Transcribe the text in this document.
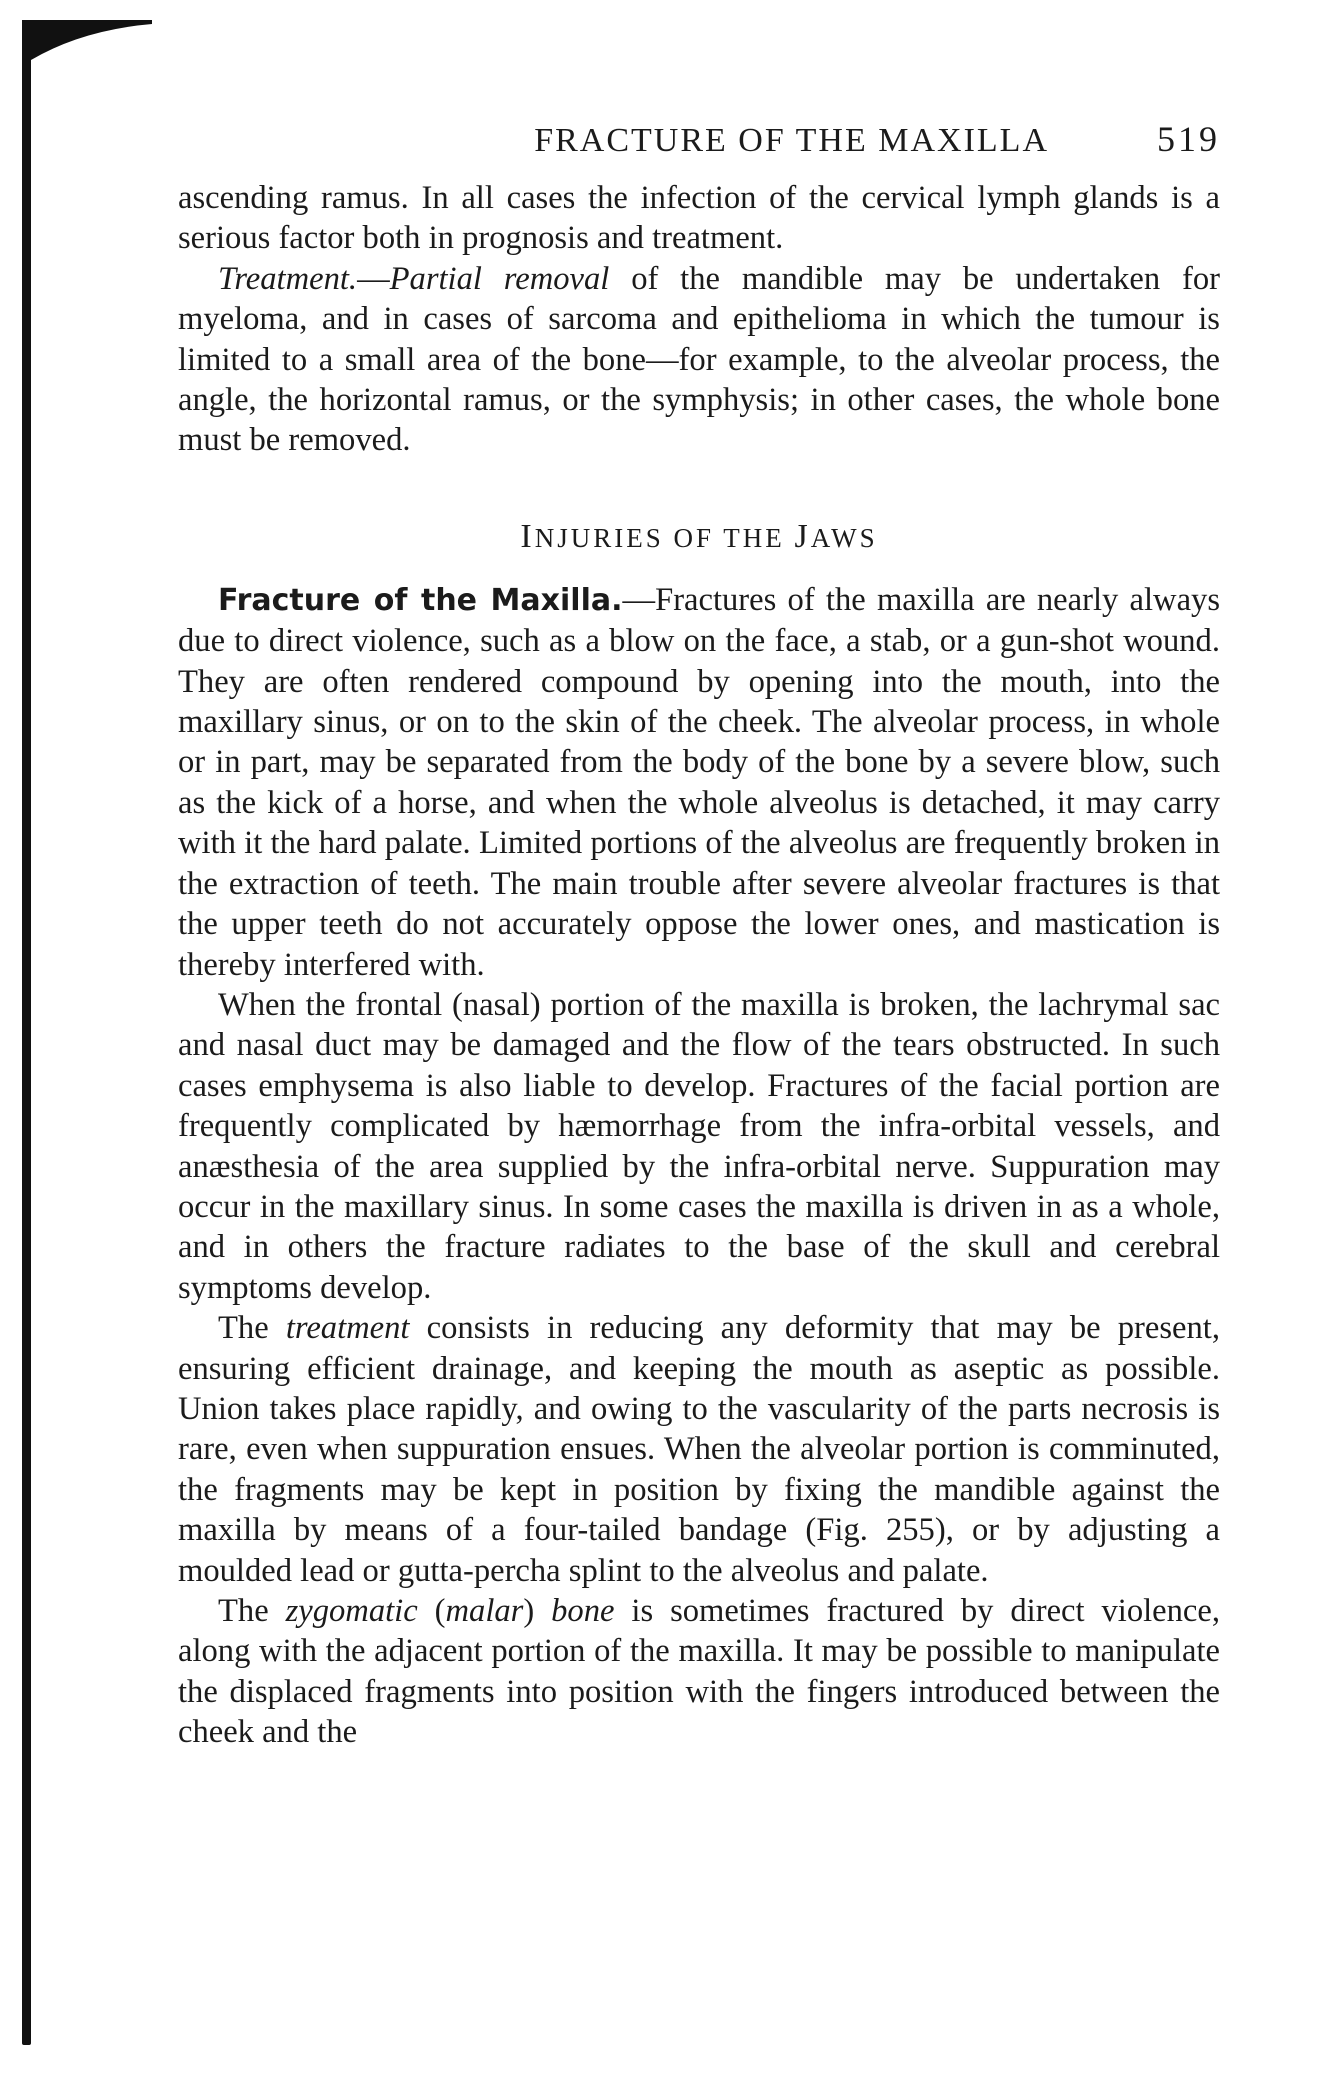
FRACTURE OF THE MAXILLA	519

ascending ramus. In all cases the infection of the cervical lymph glands is a serious factor both in prognosis and treatment.

Treatment.—Partial removal of the mandible may be undertaken for myeloma, and in cases of sarcoma and epithelioma in which the tumour is limited to a small area of the bone—for example, to the alveolar process, the angle, the horizontal ramus, or the symphysis; in other cases, the whole bone must be removed.

INJURIES OF THE JAWS

Fracture of the Maxilla.—Fractures of the maxilla are nearly always due to direct violence, such as a blow on the face, a stab, or a gun-shot wound. They are often rendered compound by opening into the mouth, into the maxillary sinus, or on to the skin of the cheek. The alveolar process, in whole or in part, may be separated from the body of the bone by a severe blow, such as the kick of a horse, and when the whole alveolus is detached, it may carry with it the hard palate. Limited portions of the alveolus are frequently broken in the extraction of teeth. The main trouble after severe alveolar fractures is that the upper teeth do not accurately oppose the lower ones, and mastication is thereby interfered with.

When the frontal (nasal) portion of the maxilla is broken, the lachrymal sac and nasal duct may be damaged and the flow of the tears obstructed. In such cases emphysema is also liable to develop. Fractures of the facial portion are frequently complicated by hæmorrhage from the infra-orbital vessels, and anæsthesia of the area supplied by the infra-orbital nerve. Suppuration may occur in the maxillary sinus. In some cases the maxilla is driven in as a whole, and in others the fracture radiates to the base of the skull and cerebral symptoms develop.

The treatment consists in reducing any deformity that may be present, ensuring efficient drainage, and keeping the mouth as aseptic as possible. Union takes place rapidly, and owing to the vascularity of the parts necrosis is rare, even when suppuration ensues. When the alveolar portion is comminuted, the fragments may be kept in position by fixing the mandible against the maxilla by means of a four-tailed bandage (Fig. 255), or by adjusting a moulded lead or gutta-percha splint to the alveolus and palate.

The zygomatic (malar) bone is sometimes fractured by direct violence, along with the adjacent portion of the maxilla. It may be possible to manipulate the displaced fragments into position with the fingers introduced between the cheek and the
